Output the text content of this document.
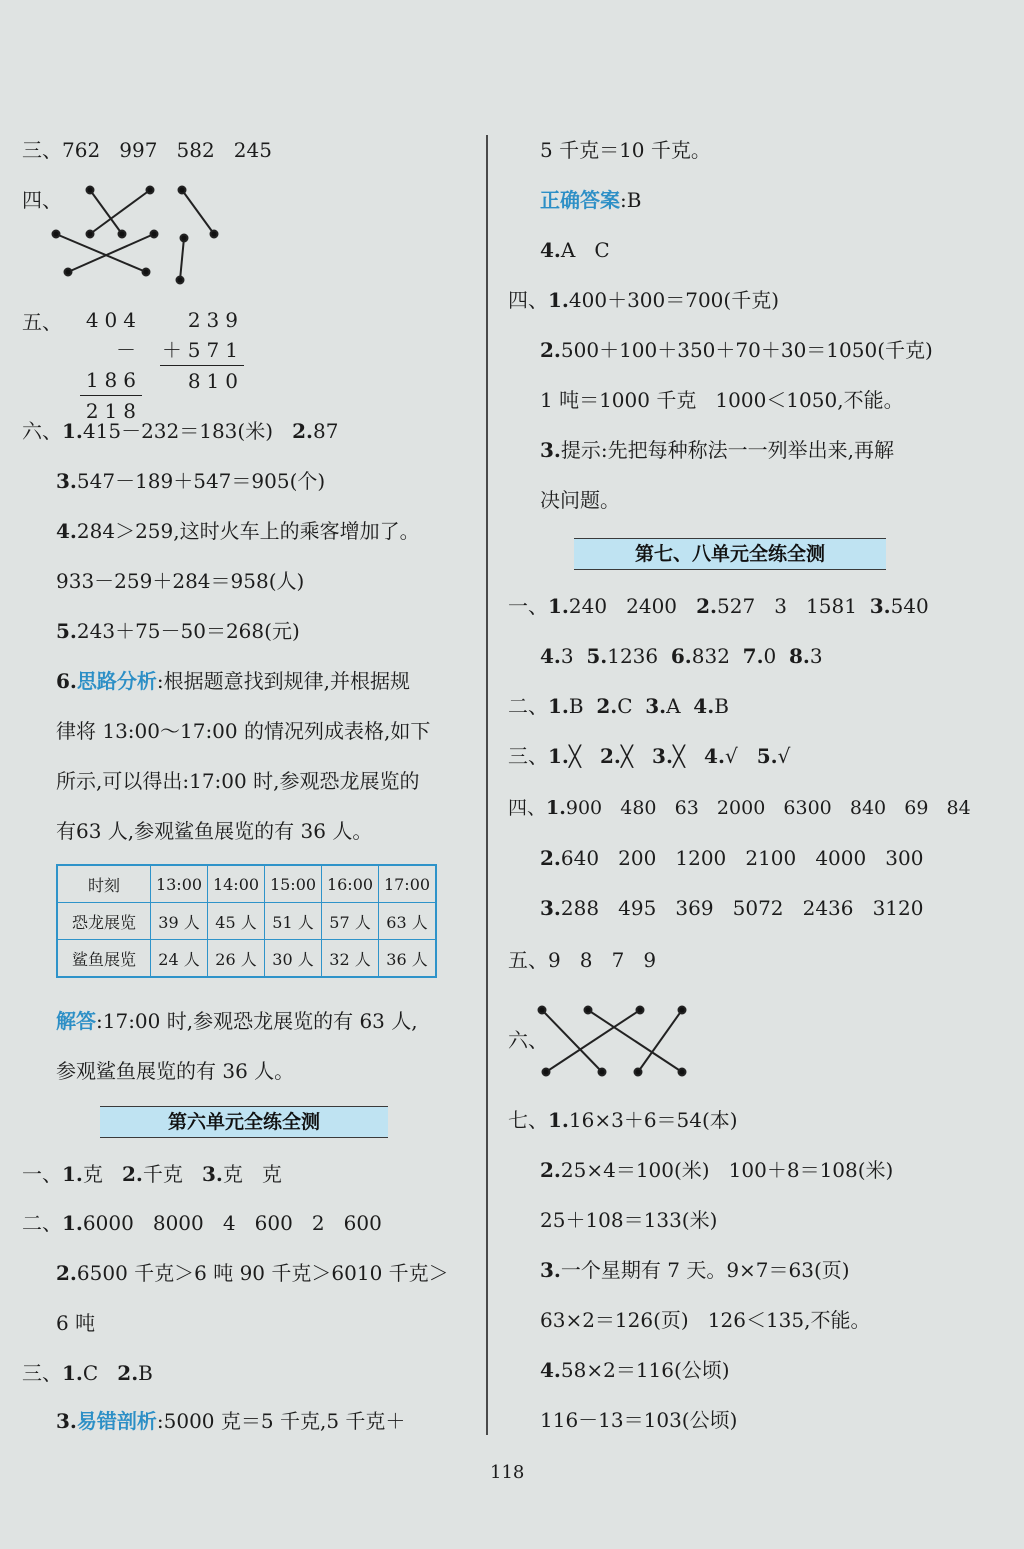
三、762   997   582   245
四、
五、 404
－186
218
239
＋571
810
六、1.415－232＝183(米) 2.87
3.547－189＋547＝905(个)
4.284＞259,这时火车上的乘客增加了。
933－259＋284＝958(人)
5.243＋75－50＝268(元)
6.思路分析:根据题意找到规律,并根据规
律将 13:00～17:00 的情况列成表格,如下
所示,可以得出:17:00 时,参观恐龙展览的
有63 人,参观鲨鱼展览的有 36 人。
时刻	13:00	14:00	15:00	16:00	17:00
恐龙展览	39 人	45 人	51 人	57 人	63 人
鲨鱼展览	24 人	26 人	30 人	32 人	36 人
解答:17:00 时,参观恐龙展览的有 63 人,
参观鲨鱼展览的有 36 人。
第六单元全练全测
一、1.克 2.千克 3.克   克
二、1.6000   8000   4   600   2   600
2.6500 千克＞6 吨 90 千克＞6010 千克＞
6 吨
三、1.C 2.B
3.易错剖析:5000 克＝5 千克,5 千克＋
5 千克＝10 千克。
正确答案:B
4.A   C
四、1.400＋300＝700(千克)
2.500＋100＋350＋70＋30＝1050(千克)
1 吨＝1000 千克   1000＜1050,不能。
3.提示:先把每种称法一一列举出来,再解
决问题。
第七、八单元全练全测
一、1.240   2400 2.527   3   1581 3.540
4.3 5.1236 6.832 7.0 8.3
二、1.B 2.C 3.A 4.B
三、1.╳ 2.╳ 3.╳ 4.√ 5.√
四、1.900   480   63   2000   6300   840   69   84
2.640   200   1200   2100   4000   300
3.288   495   369   5072   2436   3120
五、9   8   7   9
六、
七、1.16×3＋6＝54(本)
2.25×4＝100(米)   100＋8＝108(米)
25＋108＝133(米)
3.一个星期有 7 天。9×7＝63(页)
63×2＝126(页)   126＜135,不能。
4.58×2＝116(公顷)
116－13＝103(公顷)
118
